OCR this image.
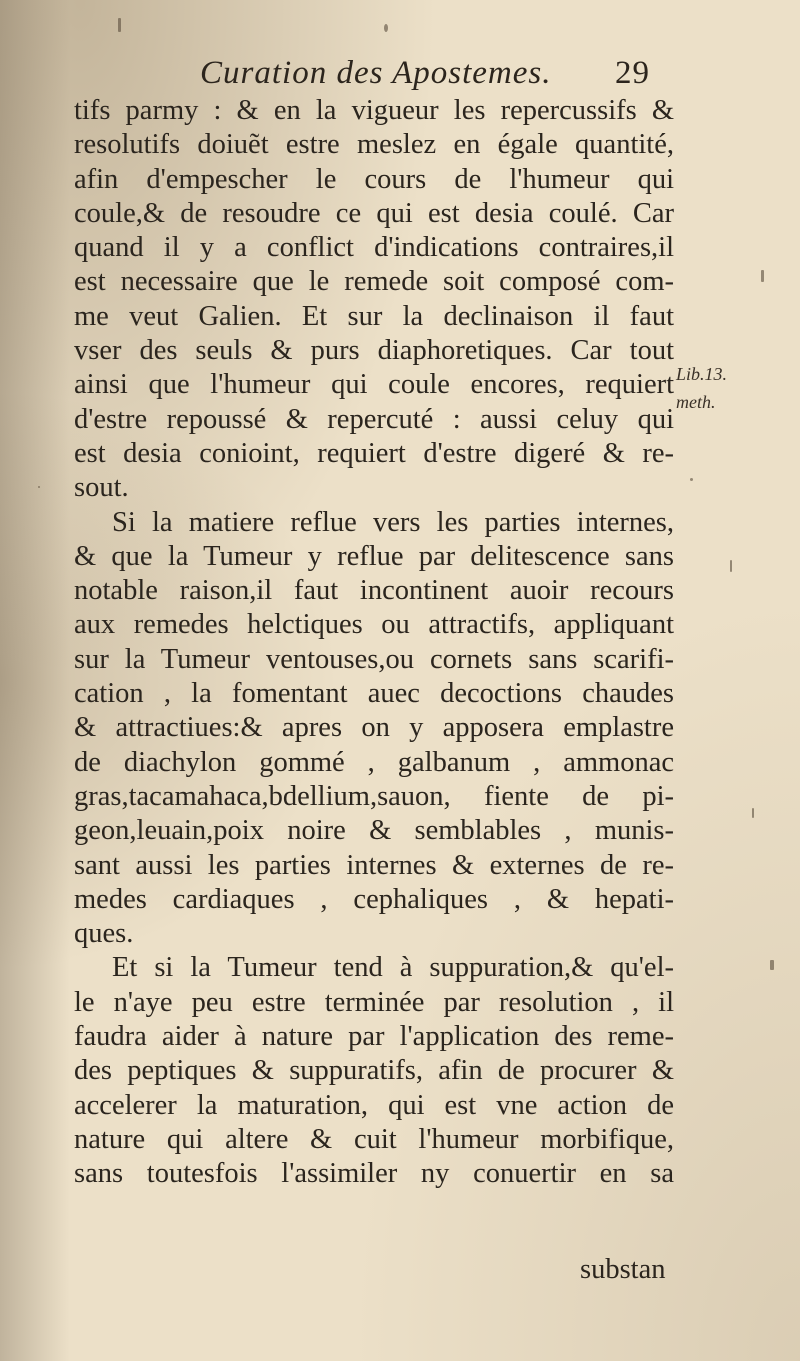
Curation des Apostemes. 29
tifs parmy : & en la vigueur les repercussifs &
resolutifs doiuẽt estre meslez en égale quantité,
afin d'empescher le cours de l'humeur qui
coule,& de resoudre ce qui est desia coulé. Car
quand il y a conflict d'indications contraires,il
est necessaire que le remede soit composé com-
me veut Galien. Et sur la declinaison il faut
vser des seuls & purs diaphoretiques. Car tout
ainsi que l'humeur qui coule encores, requiert
d'estre repoussé & repercuté : aussi celuy qui
est desia conioint, requiert d'estre digeré & re-
sout.
Si la matiere reflue vers les parties internes,
& que la Tumeur y reflue par delitescence sans
notable raison,il faut incontinent auoir recours
aux remedes helctiques ou attractifs, appliquant
sur la Tumeur ventouses,ou cornets sans scarifi-
cation , la fomentant auec decoctions chaudes
& attractiues:& apres on y apposera emplastre
de diachylon gommé , galbanum , ammonac
gras,tacamahaca,bdellium,sauon, fiente de pi-
geon,leuain,poix noire & semblables , munis-
sant aussi les parties internes & externes de re-
medes cardiaques , cephaliques , & hepati-
ques.
Et si la Tumeur tend à suppuration,& qu'el-
le n'aye peu estre terminée par resolution , il
faudra aider à nature par l'application des reme-
des peptiques & suppuratifs, afin de procurer &
accelerer la maturation, qui est vne action de
nature qui altere & cuit l'humeur morbifique,
sans toutesfois l'assimiler ny conuertir en sa
Lib.13.
meth.
substan
